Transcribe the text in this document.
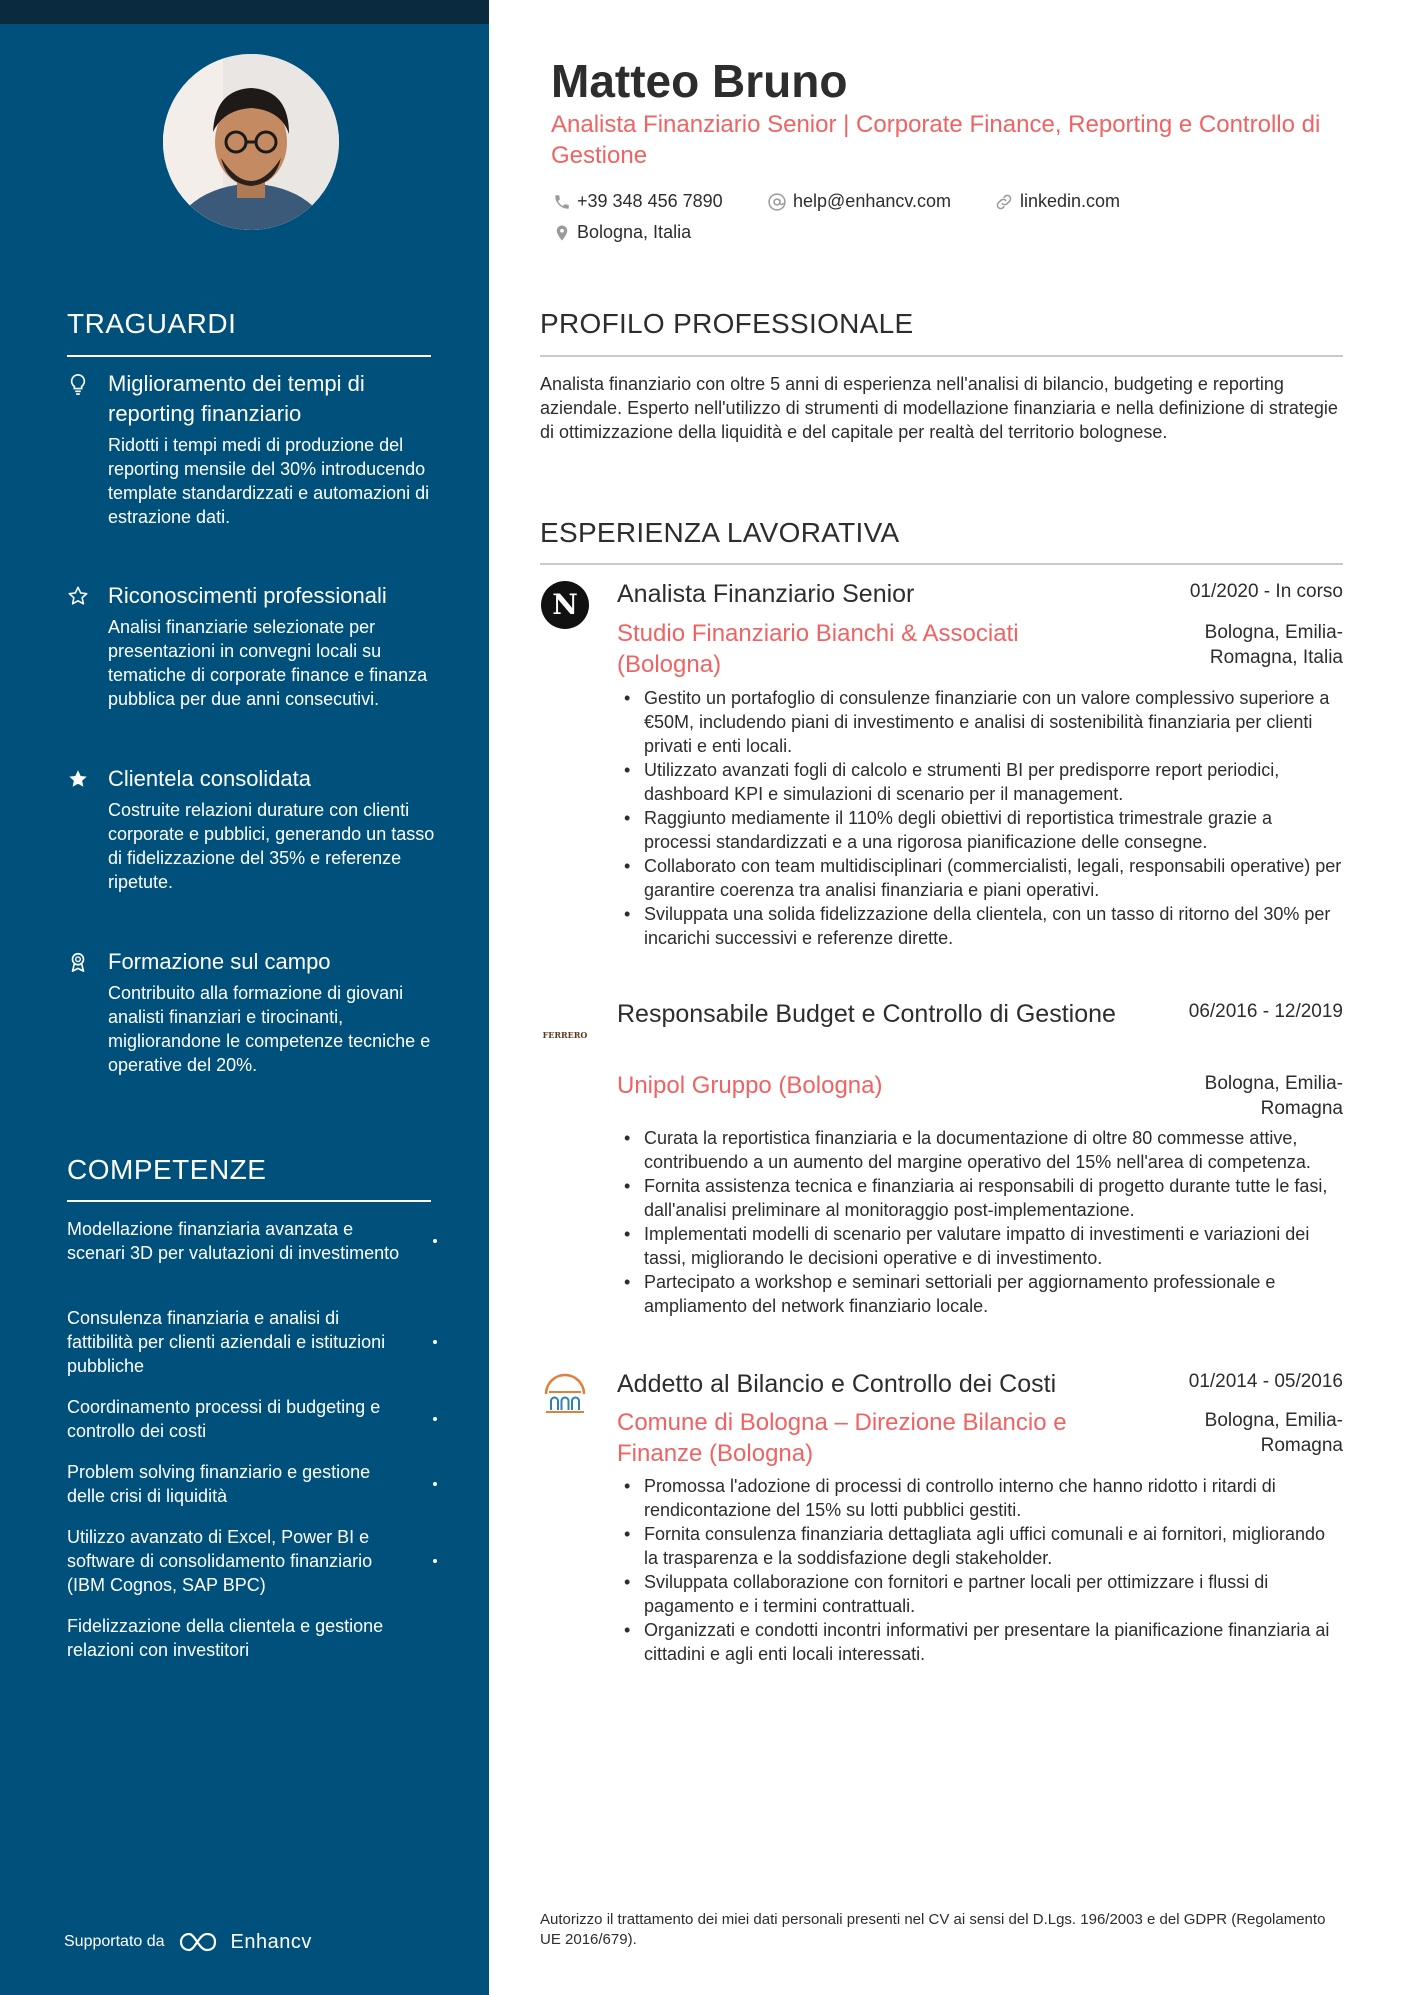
TRAGUARDI
Miglioramento dei tempi di reporting finanziario
Ridotti i tempi medi di produzione del reporting mensile del 30% introducendo template standardizzati e automazioni di estrazione dati.
Riconoscimenti professionali
Analisi finanziarie selezionate per presentazioni in convegni locali su tematiche di corporate finance e finanza pubblica per due anni consecutivi.
Clientela consolidata
Costruite relazioni durature con clienti corporate e pubblici, generando un tasso di fidelizzazione del 35% e referenze ripetute.
Formazione sul campo
Contribuito alla formazione di giovani analisti finanziari e tirocinanti, migliorandone le competenze tecniche e operative del 20%.
COMPETENZE
Modellazione finanziaria avanzata e scenari 3D per valutazioni di investimento
Consulenza finanziaria e analisi di fattibilità per clienti aziendali e istituzioni pubbliche
Coordinamento processi di budgeting e controllo dei costi
Problem solving finanziario e gestione delle crisi di liquidità
Utilizzo avanzato di Excel, Power BI e software di consolidamento finanziario (IBM Cognos, SAP BPC)
Fidelizzazione della clientela e gestione relazioni con investitori
Supportato da	Enhancv
Matteo Bruno
Analista Finanziario Senior | Corporate Finance, Reporting e Controllo di Gestione
+39 348 456 7890	help@enhancv.com	linkedin.com
Bologna, Italia
PROFILO PROFESSIONALE
Analista finanziario con oltre 5 anni di esperienza nell'analisi di bilancio, budgeting e reporting aziendale. Esperto nell'utilizzo di strumenti di modellazione finanziaria e nella definizione di strategie di ottimizzazione della liquidità e del capitale per realtà del territorio bolognese.
ESPERIENZA LAVORATIVA
N Analista Finanziario Senior	01/2020 - In corso
Studio Finanziario Bianchi & Associati (Bologna)
Bologna, Emilia-Romagna, Italia
• Gestito un portafoglio di consulenze finanziarie con un valore complessivo superiore a €50M, includendo piani di investimento e analisi di sostenibilità finanziaria per clienti privati e enti locali.
• Utilizzato avanzati fogli di calcolo e strumenti BI per predisporre report periodici, dashboard KPI e simulazioni di scenario per il management.
• Raggiunto mediamente il 110% degli obiettivi di reportistica trimestrale grazie a processi standardizzati e a una rigorosa pianificazione delle consegne.
• Collaborato con team multidisciplinari (commercialisti, legali, responsabili operative) per garantire coerenza tra analisi finanziaria e piani operativi.
• Sviluppata una solida fidelizzazione della clientela, con un tasso di ritorno del 30% per incarichi successivi e referenze dirette.
FERRERO
Responsabile Budget e Controllo di Gestione	06/2016 - 12/2019
Unipol Gruppo (Bologna)	Bologna, Emilia-Romagna
• Curata la reportistica finanziaria e la documentazione di oltre 80 commesse attive, contribuendo a un aumento del margine operativo del 15% nell'area di competenza.
• Fornita assistenza tecnica e finanziaria ai responsabili di progetto durante tutte le fasi, dall'analisi preliminare al monitoraggio post-implementazione.
• Implementati modelli di scenario per valutare impatto di investimenti e variazioni dei tassi, migliorando le decisioni operative e di investimento.
• Partecipato a workshop e seminari settoriali per aggiornamento professionale e ampliamento del network finanziario locale.
Addetto al Bilancio e Controllo dei Costi	01/2014 - 05/2016
Comune di Bologna – Direzione Bilancio e Finanze (Bologna)
Bologna, Emilia-Romagna
• Promossa l'adozione di processi di controllo interno che hanno ridotto i ritardi di rendicontazione del 15% su lotti pubblici gestiti.
• Fornita consulenza finanziaria dettagliata agli uffici comunali e ai fornitori, migliorando la trasparenza e la soddisfazione degli stakeholder.
• Sviluppata collaborazione con fornitori e partner locali per ottimizzare i flussi di pagamento e i termini contrattuali.
• Organizzati e condotti incontri informativi per presentare la pianificazione finanziaria ai cittadini e agli enti locali interessati.
Autorizzo il trattamento dei miei dati personali presenti nel CV ai sensi del D.Lgs. 196/2003 e del GDPR (Regolamento UE 2016/679).
